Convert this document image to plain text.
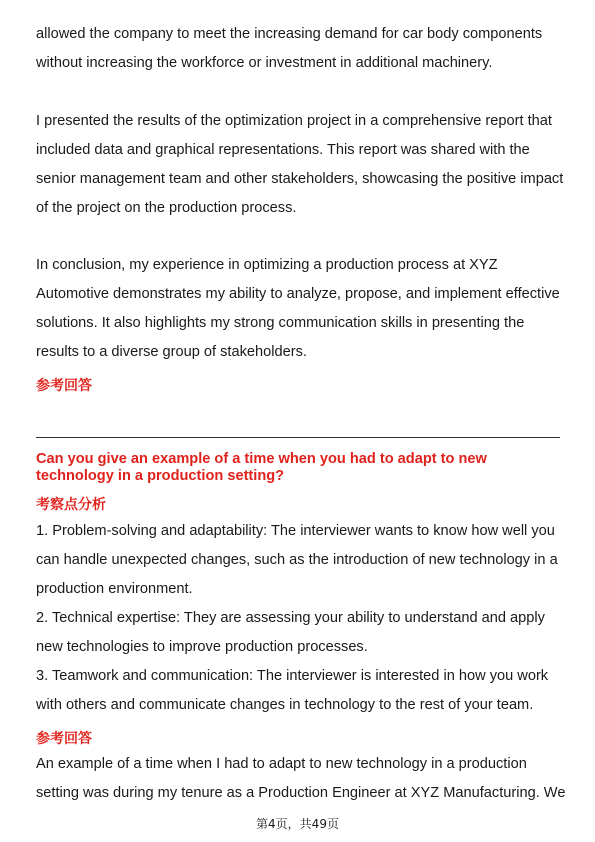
allowed the company to meet the increasing demand for car body components
without increasing the workforce or investment in additional machinery.
I presented the results of the optimization project in a comprehensive report that
included data and graphical representations. This report was shared with the
senior management team and other stakeholders, showcasing the positive impact
of the project on the production process.
In conclusion, my experience in optimizing a production process at XYZ
Automotive demonstrates my ability to analyze, propose, and implement effective
solutions. It also highlights my strong communication skills in presenting the
results to a diverse group of stakeholders.

参考回答

Can you give an example of a time when you had to adapt to new
technology in a production setting?

考察点分析

1. Problem-solving and adaptability: The interviewer wants to know how well you
can handle unexpected changes, such as the introduction of new technology in a
production environment.
2. Technical expertise: They are assessing your ability to understand and apply
new technologies to improve production processes.
3. Teamwork and communication: The interviewer is interested in how you work
with others and communicate changes in technology to the rest of your team.

参考回答

An example of a time when I had to adapt to new technology in a production
setting was during my tenure as a Production Engineer at XYZ Manufacturing. We
第4页，共49页
